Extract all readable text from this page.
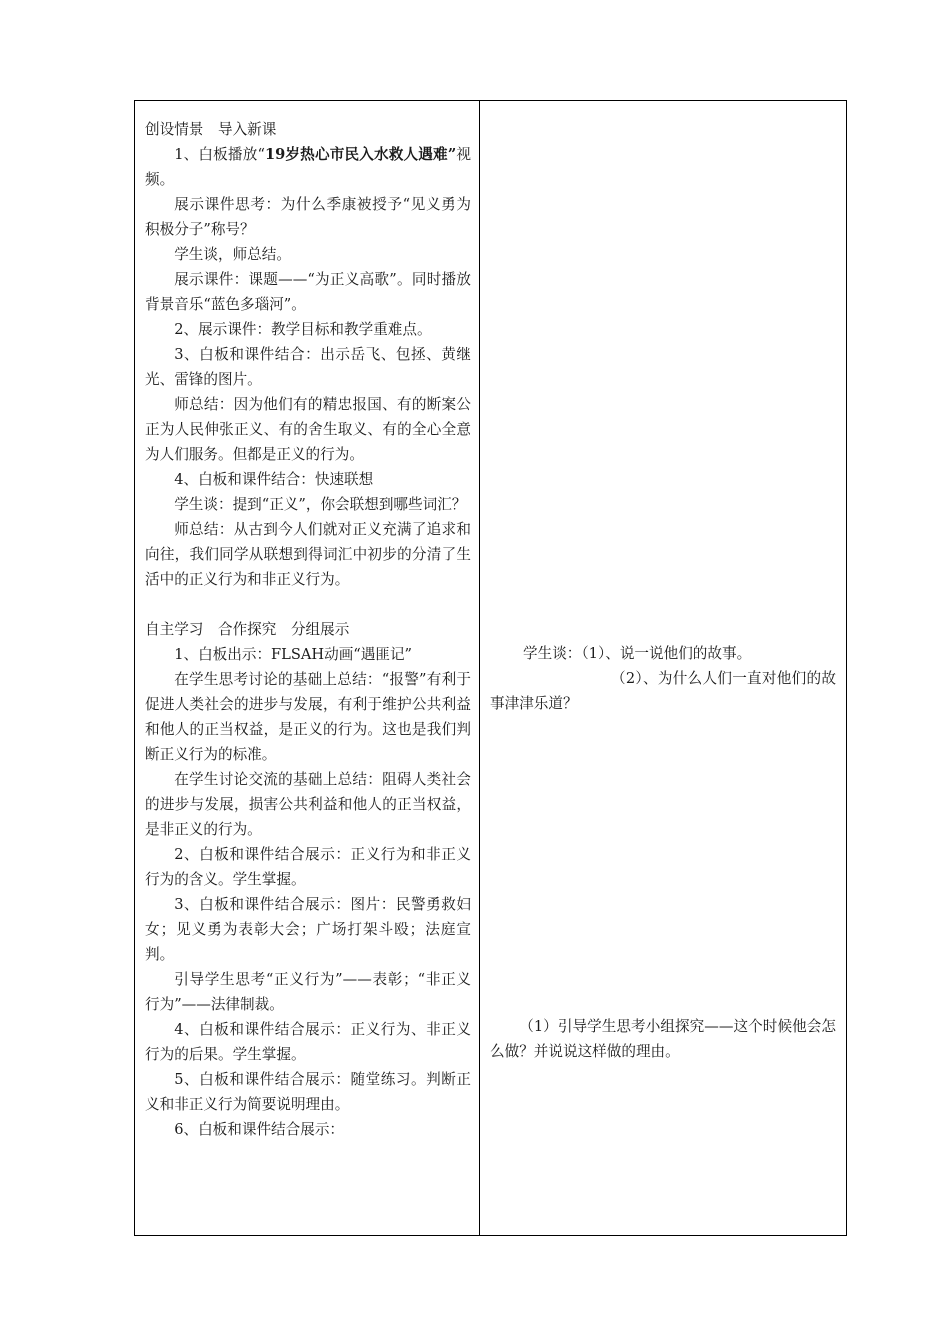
创设情景　导入新课

1、白板播放“19岁热心市民入水救人遇难”视频。

展示课件思考：为什么季康被授予“见义勇为积极分子”称号？

学生谈，师总结。

展示课件：课题——“为正义高歌”。同时播放背景音乐“蓝色多瑙河”。

2、展示课件：教学目标和教学重难点。

3、白板和课件结合：出示岳飞、包拯、黄继光、雷锋的图片。

师总结：因为他们有的精忠报国、有的断案公正为人民伸张正义、有的舍生取义、有的全心全意为人们服务。但都是正义的行为。

4、白板和课件结合：快速联想

学生谈：提到“正义”，你会联想到哪些词汇？

师总结：从古到今人们就对正义充满了追求和向往，我们同学从联想到得词汇中初步的分清了生活中的正义行为和非正义行为。

自主学习　合作探究　分组展示

1、白板出示：FLSAH动画“遇匪记”

在学生思考讨论的基础上总结：“报警”有利于促进人类社会的进步与发展，有利于维护公共利益和他人的正当权益，是正义的行为。这也是我们判断正义行为的标准。

在学生讨论交流的基础上总结：阻碍人类社会的进步与发展，损害公共利益和他人的正当权益，是非正义的行为。

2、白板和课件结合展示：正义行为和非正义行为的含义。学生掌握。

3、白板和课件结合展示：图片：民警勇救妇女；见义勇为表彰大会；广场打架斗殴；法庭宣判。

引导学生思考“正义行为”——表彰；“非正义行为”——法律制裁。

4、白板和课件结合展示：正义行为、非正义行为的后果。学生掌握。

5、白板和课件结合展示：随堂练习。判断正义和非正义行为简要说明理由。

6、白板和课件结合展示：

学生谈：（1）、说一说他们的故事。

（2）、为什么人们一直对他们的故事津津乐道？

（1）引导学生思考小组探究——这个时候他会怎么做？并说说这样做的理由。
